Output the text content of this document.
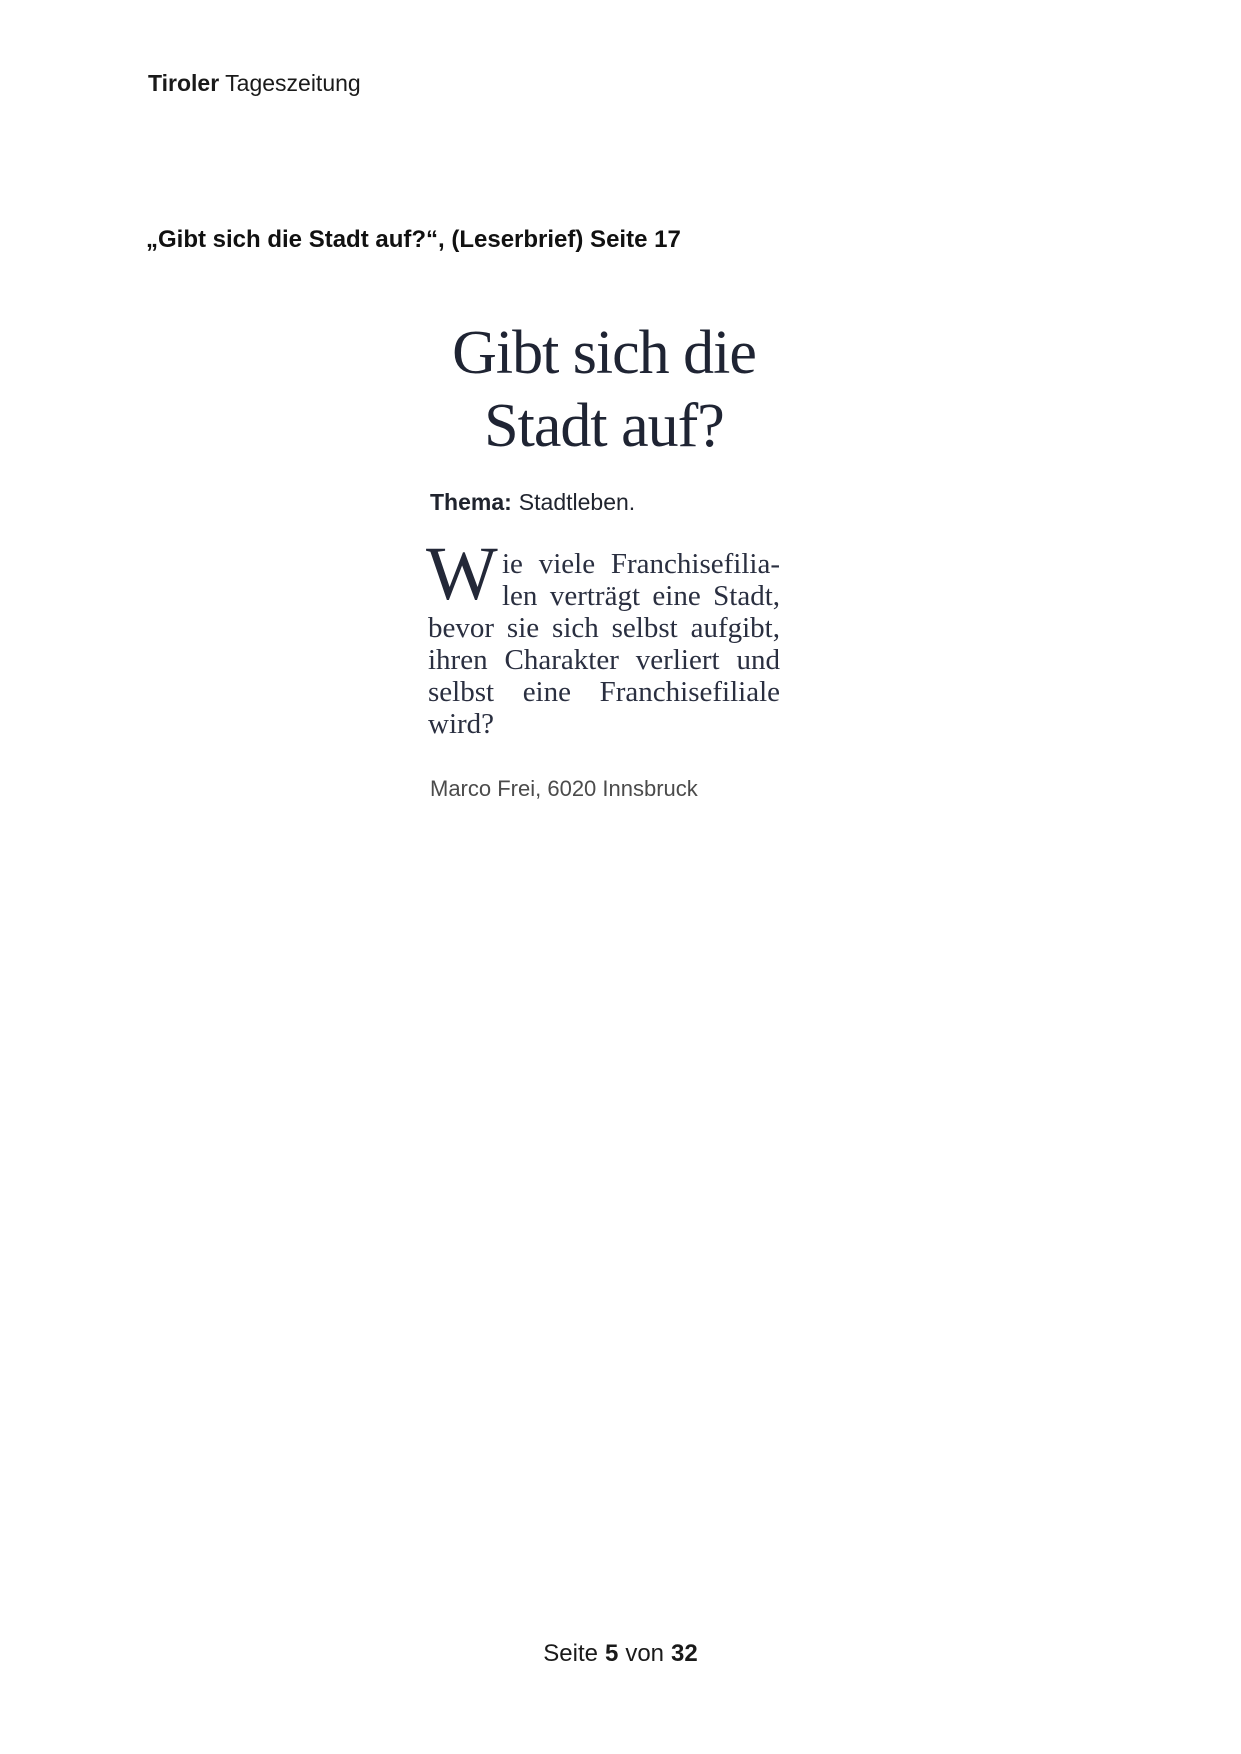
Tiroler Tageszeitung
„Gibt sich die Stadt auf?“, (Leserbrief) Seite 17
Gibt sich die
Stadt auf?
Thema: Stadtleben.
W ie viele Franchisefilia-
len verträgt eine Stadt,
bevor sie sich selbst aufgibt,
ihren Charakter verliert und
selbst eine Franchisefiliale
wird?
Marco Frei, 6020 Innsbruck
Seite 5 von 32
